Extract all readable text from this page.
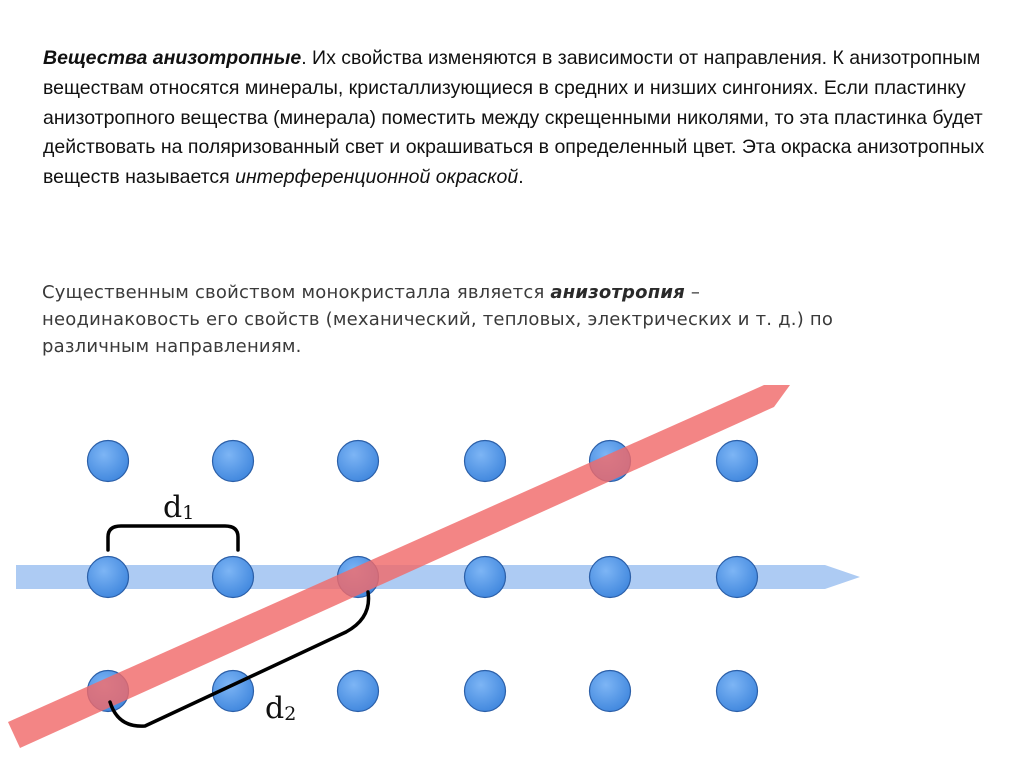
Вещества анизотропные. Их свойства изменяются в зависимости от направления. К анизотропным веществам относятся минералы, кристаллизующиеся в средних и низших сингониях. Если пластинку анизотропного вещества (минерала) поместить между скрещенными николями, то эта пластинка будет действовать на поляризованный свет и окрашиваться в определенный цвет. Эта окраска анизотропных веществ называется интерференционной окраской.

Существенным свойством монокристалла является анизотропия – неодинаковость его свойств (механический, тепловых, электрических и т. д.) по различным направлениям.

d1
d2
